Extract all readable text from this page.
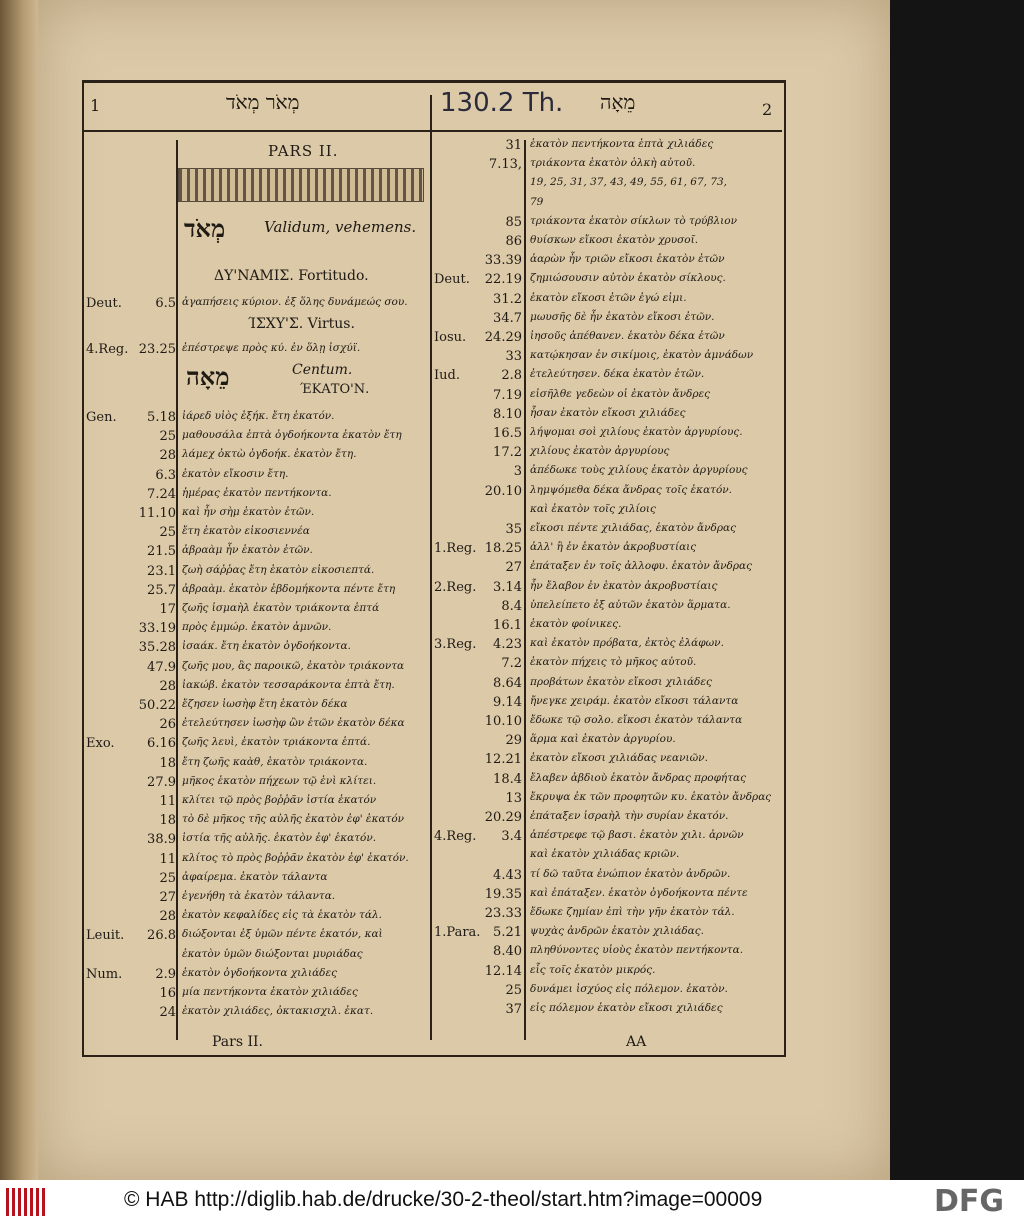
1	מְאֹר מְאֹד	130.2 Th. מֵאָה	2
PARS II.
מְאֹד	Validum, vehemens.
ΔΥ'ΝΑΜΙΣ. Fortitudo.
ΊΣΧΥ'Σ. Virtus.
מֵאָה	Centum.
ΈΚΑΤΟ'Ν.
Deut.	6.5 ἀγαπήσεις κύριον. ἐξ ὅλης δυνάμεώς σου.
4.Reg. 23.25 ἐπέστρεψε πρὸς κύ. ἐν ὅλῃ ἰσχύϊ.
Gen.	5.18 ἰάρεδ υἱὸς ἑξήκ. ἔτη ἑκατόν.
25 μαθουσάλα ἑπτὰ ὀγδοήκοντα ἑκατὸν ἔτη
28 λάμεχ ὀκτὼ ὀγδοήκ. ἑκατὸν ἔτη.
6.3 ἑκατὸν εἴκοσιν ἔτη.
7.24 ἡμέρας ἑκατὸν πεντήκοντα.
11.10 καὶ ἦν σὴμ ἑκατὸν ἐτῶν.
25 ἔτη ἑκατὸν εἰκοσιεννέα
21.5 ἀβραὰμ ἦν ἑκατὸν ἐτῶν.
23.1 ζωὴ σάῤῥας ἔτη ἑκατὸν εἰκοσιεπτά.
25.7 ἀβραὰμ. ἑκατὸν ἑβδομήκοντα πέντε ἔτη
17 ζωῆς ἰσμαὴλ ἑκατὸν τριάκοντα ἑπτά
33.19 πρὸς ἐμμώρ. ἑκατὸν ἀμνῶν.
35.28 ἰσαάκ. ἔτη ἑκατὸν ὀγδοήκοντα.
47.9 ζωῆς μου, ἃς παροικῶ, ἑκατὸν τριάκοντα
28 ἰακώβ. ἑκατὸν τεσσαράκοντα ἑπτὰ ἔτη.
50.22 ἔζησεν ἰωσὴφ ἔτη ἑκατὸν δέκα
26 ἐτελεύτησεν ἰωσὴφ ὢν ἐτῶν ἑκατὸν δέκα
Exo.	6.16 ζωῆς λευὶ, ἑκατὸν τριάκοντα ἑπτά.
18 ἔτη ζωῆς καὰθ, ἑκατὸν τριάκοντα.
27.9 μῆκος ἑκατὸν πήχεων τῷ ἑνὶ κλίτει.
11 κλίτει τῷ πρὸς βοῤῥᾶν ἱστία ἑκατόν
18 τὸ δὲ μῆκος τῆς αὐλῆς ἑκατὸν ἐφ' ἑκατόν
38.9 ἱστία τῆς αὐλῆς. ἑκατὸν ἐφ' ἑκατόν.
11 κλίτος τὸ πρὸς βοῤῥᾶν ἑκατὸν ἐφ' ἑκατόν.
25 ἀφαίρεμα. ἑκατὸν τάλαντα
27 ἐγενήθη τὰ ἑκατὸν τάλαντα.
28 ἑκατὸν κεφαλίδες εἰς τὰ ἑκατὸν τάλ.
Leuit.	26.8 διώξονται ἐξ ὑμῶν πέντε ἑκατόν, καὶ
ἑκατὸν ὑμῶν διώξονται μυριάδας
Num.	2.9 ἑκατὸν ὀγδοήκοντα χιλιάδες
16 μία πεντήκοντα ἑκατὸν χιλιάδες
24 ἑκατὸν χιλιάδες, ὀκτακισχιλ. ἑκατ.
31 ἑκατὸν πεντήκοντα ἑπτὰ χιλιάδες
7.13, τριάκοντα ἑκατὸν ὁλκὴ αὐτοῦ.
19, 25, 31, 37, 43, 49, 55, 61, 67, 73,
79
85 τριάκοντα ἑκατὸν σίκλων τὸ τρύβλιον
86 θυίσκων εἴκοσι ἑκατὸν χρυσοῖ.
33.39 ἀαρὼν ἦν τριῶν εἴκοσι ἑκατὸν ἐτῶν
Deut.	22.19 ζημιώσουσιν αὐτὸν ἑκατὸν σίκλους.
31.2 ἑκατὸν εἴκοσι ἐτῶν ἐγώ εἰμι.
34.7 μωυσῆς δὲ ἦν ἑκατὸν εἴκοσι ἐτῶν.
Iosu.	24.29 ἰησοῦς ἀπέθανεν. ἑκατὸν δέκα ἐτῶν
33 κατῴκησαν ἐν σικίμοις, ἑκατὸν ἀμνάδων
Iud.	2.8 ἐτελεύτησεν. δέκα ἑκατὸν ἐτῶν.
7.19 εἰσῆλθε γεδεὼν οἱ ἑκατὸν ἄνδρες
8.10 ἦσαν ἑκατὸν εἴκοσι χιλιάδες
16.5 λήψομαι σοὶ χιλίους ἑκατὸν ἀργυρίους.
17.2 χιλίους ἑκατὸν ἀργυρίους
3 ἀπέδωκε τοὺς χιλίους ἑκατὸν ἀργυρίους
20.10 λημψόμεθα δέκα ἄνδρας τοῖς ἑκατόν.
καὶ ἑκατὸν τοῖς χιλίοις
35 εἴκοσι πέντε χιλιάδας, ἑκατὸν ἄνδρας
1.Reg. 18.25 ἀλλ' ἢ ἐν ἑκατὸν ἀκροβυστίαις
27 ἐπάταξεν ἐν τοῖς ἀλλοφυ. ἑκατὸν ἄνδρας
2.Reg.	3.14 ἦν ἔλαβον ἐν ἑκατὸν ἀκροβυστίαις
8.4 ὑπελείπετο ἐξ αὐτῶν ἑκατὸν ἅρματα.
16.1 ἑκατὸν φοίνικες.
3.Reg.	4.23 καὶ ἑκατὸν πρόβατα, ἐκτὸς ἐλάφων.
7.2 ἑκατὸν πήχεις τὸ μῆκος αὐτοῦ.
8.64 προβάτων ἑκατὸν εἴκοσι χιλιάδες
9.14 ἤνεγκε χειράμ. ἑκατὸν εἴκοσι τάλαντα
10.10 ἔδωκε τῷ σολο. εἴκοσι ἑκατὸν τάλαντα
29 ἅρμα καὶ ἑκατὸν ἀργυρίου.
12.21 ἑκατὸν εἴκοσι χιλιάδας νεανιῶν.
18.4 ἔλαβεν ἀβδιοὺ ἑκατὸν ἄνδρας προφήτας
13 ἔκρυψα ἐκ τῶν προφητῶν κυ. ἑκατὸν ἄνδρας
20.29 ἐπάταξεν ἰσραὴλ τὴν συρίαν ἑκατόν.
4.Reg.	3.4 ἀπέστρεφε τῷ βασι. ἑκατὸν χιλι. ἀρνῶν
καὶ ἑκατὸν χιλιάδας κριῶν.
4.43 τί δῶ ταῦτα ἐνώπιον ἑκατὸν ἀνδρῶν.
19.35 καὶ ἐπάταξεν. ἑκατὸν ὀγδοήκοντα πέντε
23.33 ἔδωκε ζημίαν ἐπὶ τὴν γῆν ἑκατὸν τάλ.
1.Para. 5.21 ψυχὰς ἀνδρῶν ἑκατὸν χιλιάδας.
8.40 πληθύνοντες υἱοὺς ἑκατὸν πεντήκοντα.
12.14 εἷς τοῖς ἑκατὸν μικρός.
25 δυνάμει ἰσχύος εἰς πόλεμον. ἑκατὸν.
37 εἰς πόλεμον ἑκατὸν εἴκοσι χιλιάδες
Pars II.	AA
© HAB http://diglib.hab.de/drucke/30-2-theol/start.htm?image=00009	DFG
